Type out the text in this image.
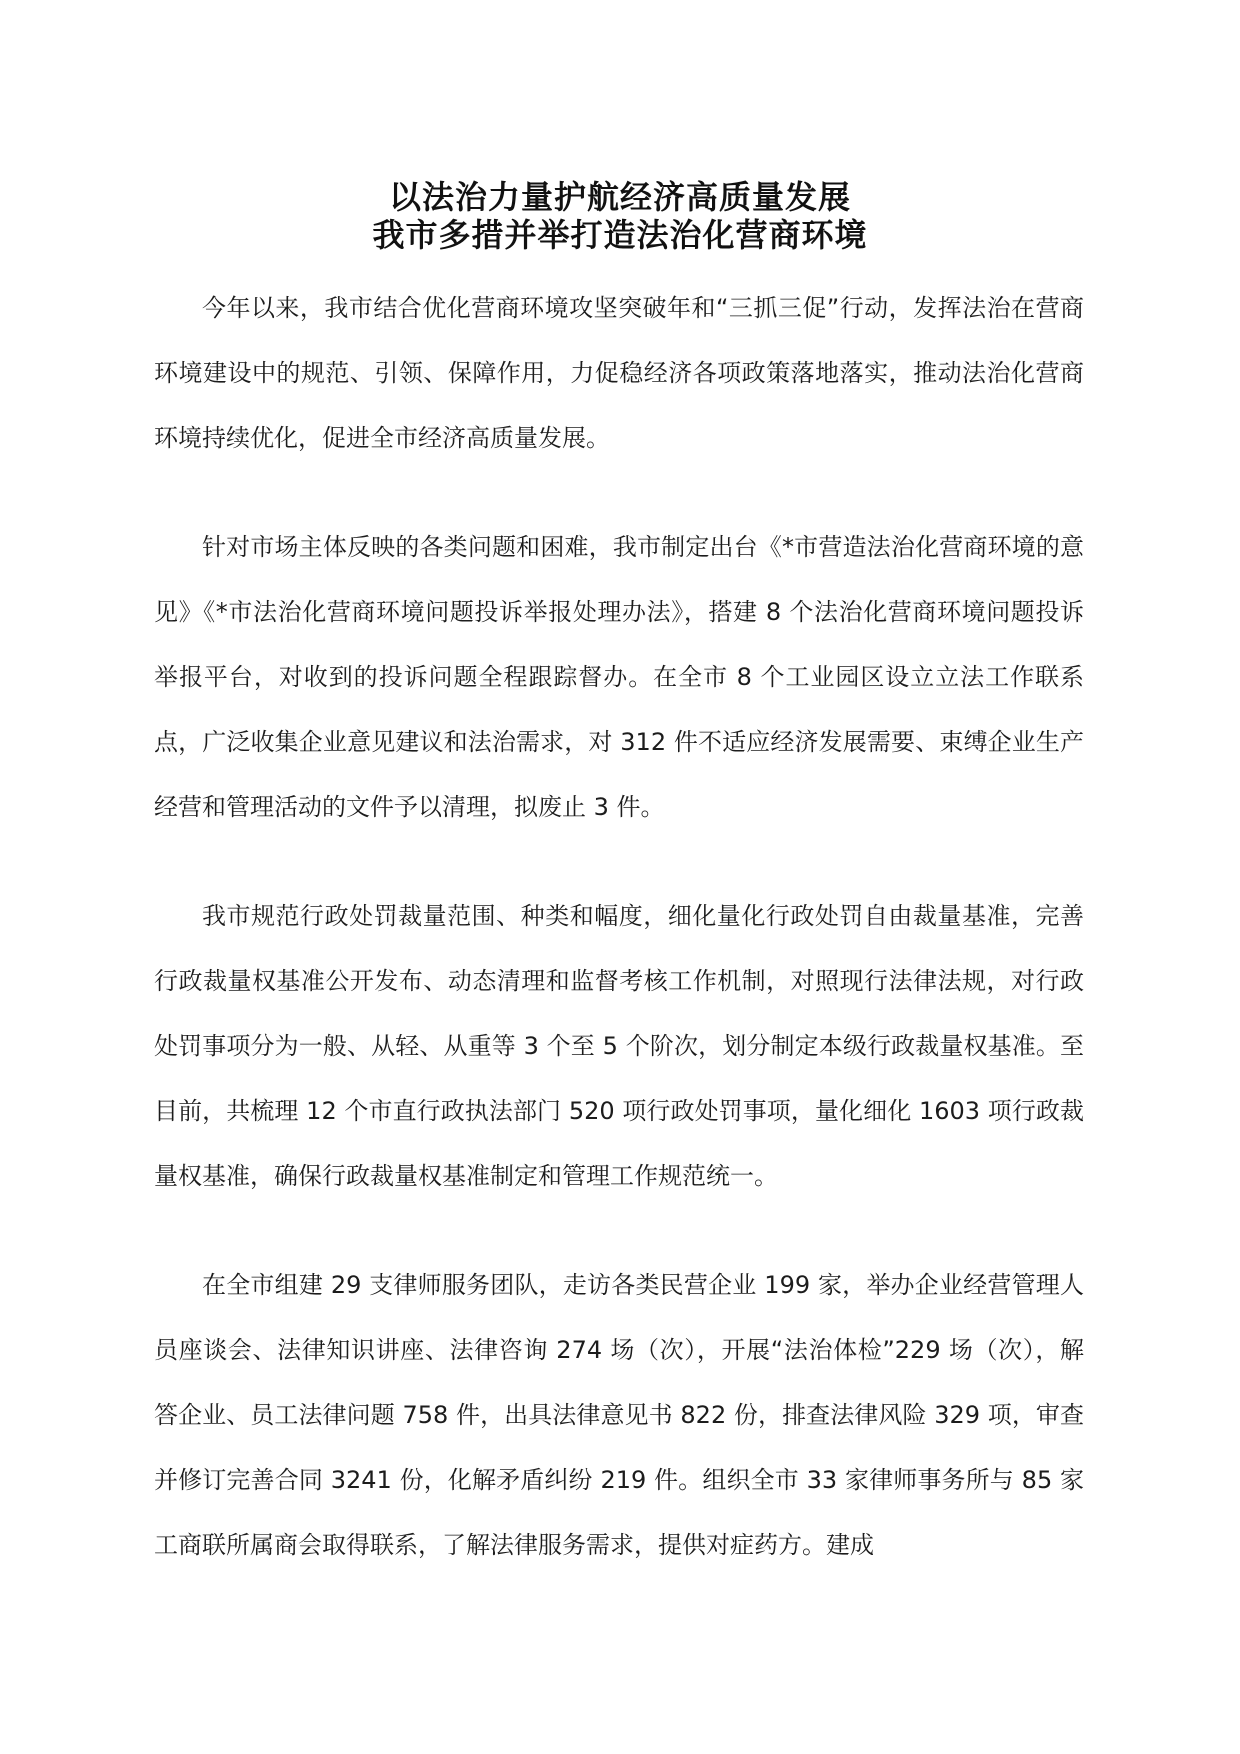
以法治力量护航经济高质量发展

我市多措并举打造法治化营商环境

今年以来，我市结合优化营商环境攻坚突破年和“三抓三促”行动，发挥法治在营商环境建设中的规范、引领、保障作用，力促稳经济各项政策落地落实，推动法治化营商环境持续优化，促进全市经济高质量发展。

针对市场主体反映的各类问题和困难，我市制定出台《*市营造法治化营商环境的意见》《*市法治化营商环境问题投诉举报处理办法》，搭建 8 个法治化营商环境问题投诉举报平台，对收到的投诉问题全程跟踪督办。在全市 8 个工业园区设立立法工作联系点，广泛收集企业意见建议和法治需求，对 312 件不适应经济发展需要、束缚企业生产经营和管理活动的文件予以清理，拟废止 3 件。

我市规范行政处罚裁量范围、种类和幅度，细化量化行政处罚自由裁量基准，完善行政裁量权基准公开发布、动态清理和监督考核工作机制，对照现行法律法规，对行政处罚事项分为一般、从轻、从重等 3 个至 5 个阶次，划分制定本级行政裁量权基准。至目前，共梳理 12 个市直行政执法部门 520 项行政处罚事项，量化细化 1603 项行政裁量权基准，确保行政裁量权基准制定和管理工作规范统一。

在全市组建 29 支律师服务团队，走访各类民营企业 199 家，举办企业经营管理人员座谈会、法律知识讲座、法律咨询 274 场（次），开展“法治体检”229 场（次），解答企业、员工法律问题 758 件，出具法律意见书 822 份，排查法律风险 329 项，审查并修订完善合同 3241 份，化解矛盾纠纷 219 件。组织全市 33 家律师事务所与 85 家工商联所属商会取得联系，了解法律服务需求，提供对症药方。建成
